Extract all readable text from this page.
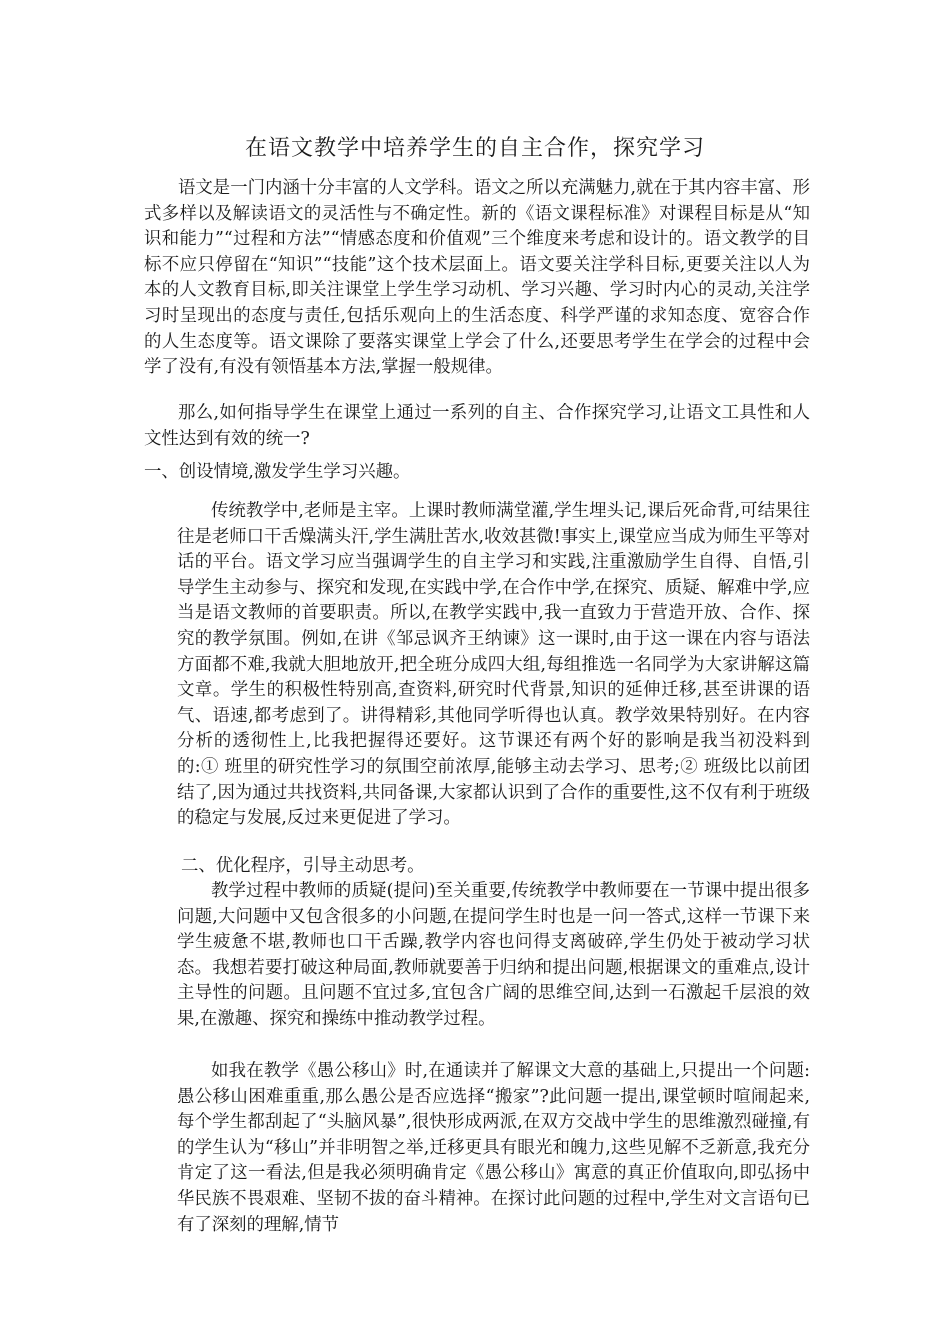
在语文教学中培养学生的自主合作，探究学习
语文是一门内涵十分丰富的人文学科。语文之所以充满魅力,就在于其内容丰富、形式多样以及解读语文的灵活性与不确定性。新的《语文课程标准》对课程目标是从“知识和能力”“过程和方法”“情感态度和价值观”三个维度来考虑和设计的。语文教学的目标不应只停留在“知识”“技能”这个技术层面上。语文要关注学科目标,更要关注以人为本的人文教育目标,即关注课堂上学生学习动机、学习兴趣、学习时内心的灵动,关注学习时呈现出的态度与责任,包括乐观向上的生活态度、科学严谨的求知态度、宽容合作的人生态度等。语文课除了要落实课堂上学会了什么,还要思考学生在学会的过程中会学了没有,有没有领悟基本方法,掌握一般规律。
那么,如何指导学生在课堂上通过一系列的自主、合作探究学习,让语文工具性和人文性达到有效的统一?
一、创设情境,激发学生学习兴趣。
传统教学中,老师是主宰。上课时教师满堂灌,学生埋头记,课后死命背,可结果往往是老师口干舌燥满头汗,学生满肚苦水,收效甚微!事实上,课堂应当成为师生平等对话的平台。语文学习应当强调学生的自主学习和实践,注重激励学生自得、自悟,引导学生主动参与、探究和发现,在实践中学,在合作中学,在探究、质疑、解难中学,应当是语文教师的首要职责。所以,在教学实践中,我一直致力于营造开放、合作、探究的教学氛围。例如,在讲《邹忌讽齐王纳谏》这一课时,由于这一课在内容与语法方面都不难,我就大胆地放开,把全班分成四大组,每组推选一名同学为大家讲解这篇文章。学生的积极性特别高,查资料,研究时代背景,知识的延伸迁移,甚至讲课的语气、语速,都考虑到了。讲得精彩,其他同学听得也认真。教学效果特别好。在内容分析的透彻性上,比我把握得还要好。这节课还有两个好的影响是我当初没料到的:① 班里的研究性学习的氛围空前浓厚,能够主动去学习、思考;② 班级比以前团结了,因为通过共找资料,共同备课,大家都认识到了合作的重要性,这不仅有利于班级的稳定与发展,反过来更促进了学习。
二、优化程序，引导主动思考。
教学过程中教师的质疑(提问)至关重要,传统教学中教师要在一节课中提出很多问题,大问题中又包含很多的小问题,在提问学生时也是一问一答式,这样一节课下来学生疲惫不堪,教师也口干舌躁,教学内容也问得支离破碎,学生仍处于被动学习状态。我想若要打破这种局面,教师就要善于归纳和提出问题,根据课文的重难点,设计主导性的问题。且问题不宜过多,宜包含广阔的思维空间,达到一石激起千层浪的效果,在激趣、探究和操练中推动教学过程。
如我在教学《愚公移山》时,在通读并了解课文大意的基础上,只提出一个问题:愚公移山困难重重,那么愚公是否应选择“搬家”?此问题一提出,课堂顿时喧闹起来,每个学生都刮起了“头脑风暴”,很快形成两派,在双方交战中学生的思维激烈碰撞,有的学生认为“移山”并非明智之举,迁移更具有眼光和魄力,这些见解不乏新意,我充分肯定了这一看法,但是我必须明确肯定《愚公移山》寓意的真正价值取向,即弘扬中华民族不畏艰难、坚韧不拔的奋斗精神。在探讨此问题的过程中,学生对文言语句已有了深刻的理解,情节
